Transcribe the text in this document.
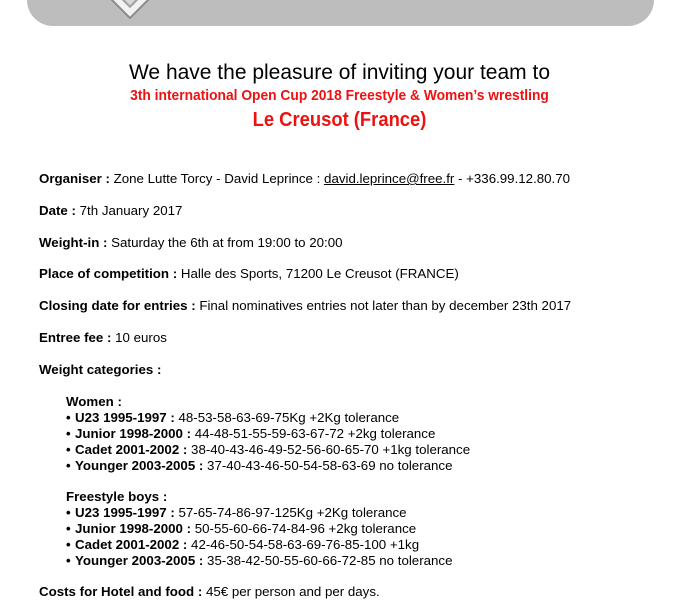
We have the pleasure of inviting your team to
3th international Open Cup 2018 Freestyle & Women’s wrestling
Le Creusot (France)
Organiser : Zone Lutte Torcy - David Leprince : david.leprince@free.fr - +336.99.12.80.70
Date : 7th January 2017
Weight-in : Saturday the 6th at from 19:00 to 20:00
Place of competition : Halle des Sports, 71200 Le Creusot (FRANCE)
Closing date for entries : Final nominatives entries not later than by december 23th 2017
Entree fee : 10 euros
Weight categories :
Women :
• U23 1995-1997 : 48-53-58-63-69-75Kg +2Kg tolerance
• Junior 1998-2000 : 44-48-51-55-59-63-67-72 +2kg tolerance
• Cadet 2001-2002 : 38-40-43-46-49-52-56-60-65-70 +1kg tolerance
• Younger 2003-2005 : 37-40-43-46-50-54-58-63-69 no tolerance
Freestyle boys :
• U23 1995-1997 : 57-65-74-86-97-125Kg +2Kg tolerance
• Junior 1998-2000 : 50-55-60-66-74-84-96 +2kg tolerance
• Cadet 2001-2002 : 42-46-50-54-58-63-69-76-85-100 +1kg
• Younger 2003-2005 : 35-38-42-50-55-60-66-72-85 no tolerance
Costs for Hotel and food : 45€ per person and per days.
